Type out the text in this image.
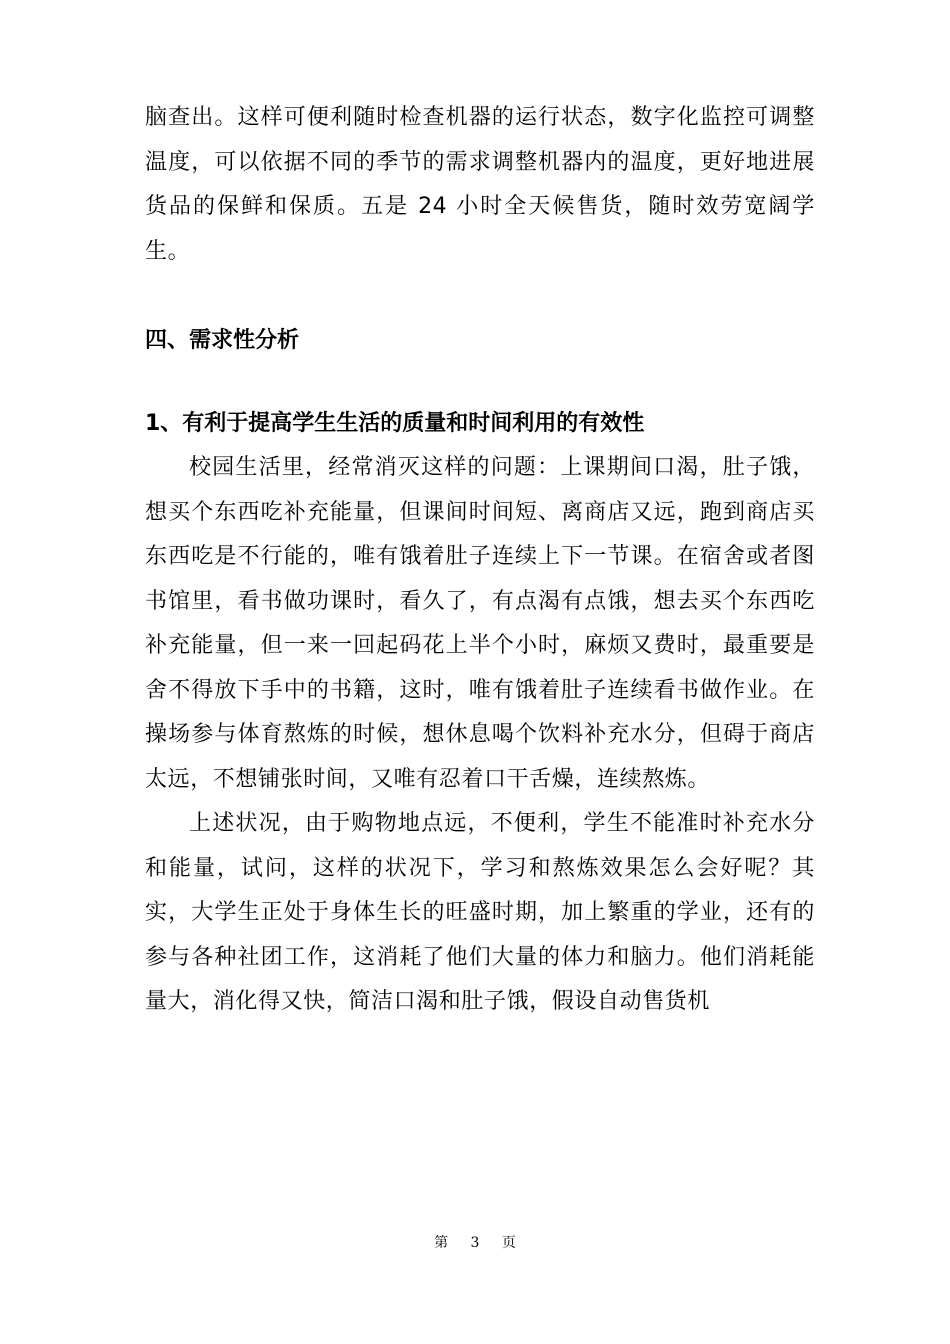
脑查出。这样可便利随时检查机器的运行状态，数字化监控可调整温度，可以依据不同的季节的需求调整机器内的温度，更好地进展货品的保鲜和保质。五是 24 小时全天候售货，随时效劳宽阔学生。

四、需求性分析
1、有利于提高学生生活的质量和时间利用的有效性

校园生活里，经常消灭这样的问题：上课期间口渴，肚子饿，想买个东西吃补充能量，但课间时间短、离商店又远，跑到商店买东西吃是不行能的，唯有饿着肚子连续上下一节课。在宿舍或者图书馆里，看书做功课时，看久了，有点渴有点饿，想去买个东西吃补充能量，但一来一回起码花上半个小时，麻烦又费时，最重要是舍不得放下手中的书籍，这时，唯有饿着肚子连续看书做作业。在操场参与体育熬炼的时候，想休息喝个饮料补充水分，但碍于商店太远，不想铺张时间，又唯有忍着口干舌燥，连续熬炼。

上述状况，由于购物地点远，不便利，学生不能准时补充水分和能量，试问，这样的状况下，学习和熬炼效果怎么会好呢？其实，大学生正处于身体生长的旺盛时期，加上繁重的学业，还有的参与各种社团工作，这消耗了他们大量的体力和脑力。他们消耗能量大，消化得又快，简洁口渴和肚子饿，假设自动售货机

第 3 页
